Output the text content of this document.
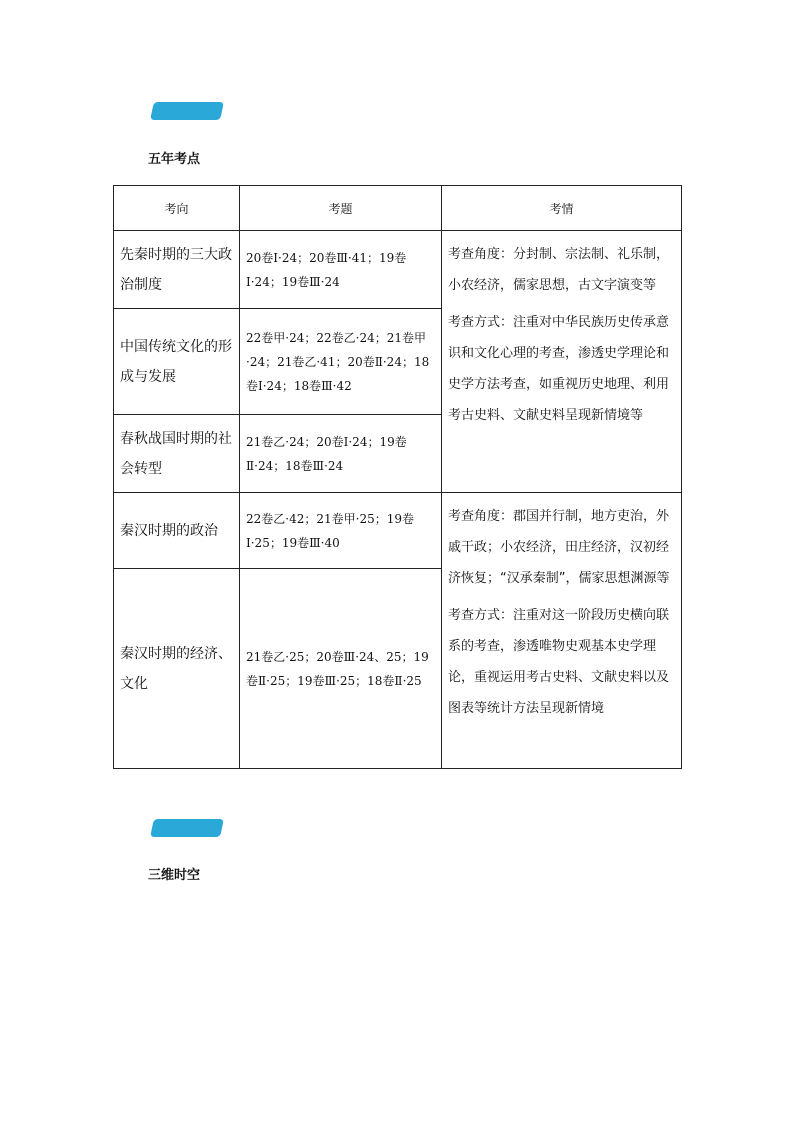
五年考点
考向	考题	考情
先秦时期的三大政治制度	20卷Ⅰ·24；20卷Ⅲ·41；19卷Ⅰ·24；19卷Ⅲ·24	考查角度：分封制、宗法制、礼乐制，小农经济，儒家思想，古文字演变等

考查方式：注重对中华民族历史传承意识和文化心理的考查，渗透史学理论和史学方法考查，如重视历史地理、利用考古史料、文献史料呈现新情境等

中国传统文化的形成与发展	22卷甲·24；22卷乙·24；21卷甲·24；21卷乙·41；20卷Ⅱ·24；18卷Ⅰ·24；18卷Ⅲ·42	
春秋战国时期的社会转型	21卷乙·24；20卷Ⅰ·24；19卷Ⅱ·24；18卷Ⅲ·24	
秦汉时期的政治	22卷乙·42；21卷甲·25；19卷Ⅰ·25；19卷Ⅲ·40	考查角度：郡国并行制，地方吏治，外戚干政；小农经济，田庄经济，汉初经济恢复；“汉承秦制”，儒家思想渊源等

考查方式：注重对这一阶段历史横向联系的考查，渗透唯物史观基本史学理论，重视运用考古史料、文献史料以及图表等统计方法呈现新情境

秦汉时期的经济、文化	21卷乙·25；20卷Ⅲ·24、25；19卷Ⅱ·25；19卷Ⅲ·25；18卷Ⅱ·25	
三维时空
